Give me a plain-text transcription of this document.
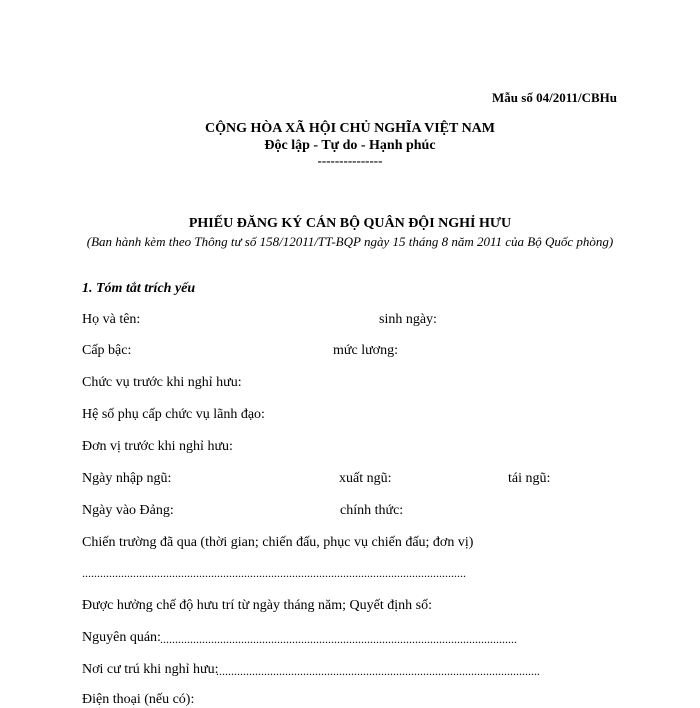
Mẫu số 04/2011/CBHu
CỘNG HÒA XÃ HỘI CHỦ NGHĨA VIỆT NAM
Độc lập - Tự do - Hạnh phúc
---------------
PHIẾU ĐĂNG KÝ CÁN BỘ QUÂN ĐỘI NGHỈ HƯU
(Ban hành kèm theo Thông tư số 158/12011/TT-BQP ngày 15 tháng 8 năm 2011 của Bộ Quốc phòng)
1. Tóm tắt trích yếu
Họ và tên:	sinh ngày:
Cấp bậc:	mức lương:
Chức vụ trước khi nghỉ hưu:
Hệ số phụ cấp chức vụ lãnh đạo:
Đơn vị trước khi nghỉ hưu:
Ngày nhập ngũ:	xuất ngũ:	tái ngũ:
Ngày vào Đảng:	chính thức:
Chiến trường đã qua (thời gian; chiến đấu, phục vụ chiến đấu; đơn vị)
................................................................................................................................
Được hưởng chế độ hưu trí từ ngày tháng năm; Quyết định số:
Nguyên quán: .......................................................................................................................
Nơi cư trú khi nghỉ hưu:
............................................................................................................
Điện thoại (nếu có):
